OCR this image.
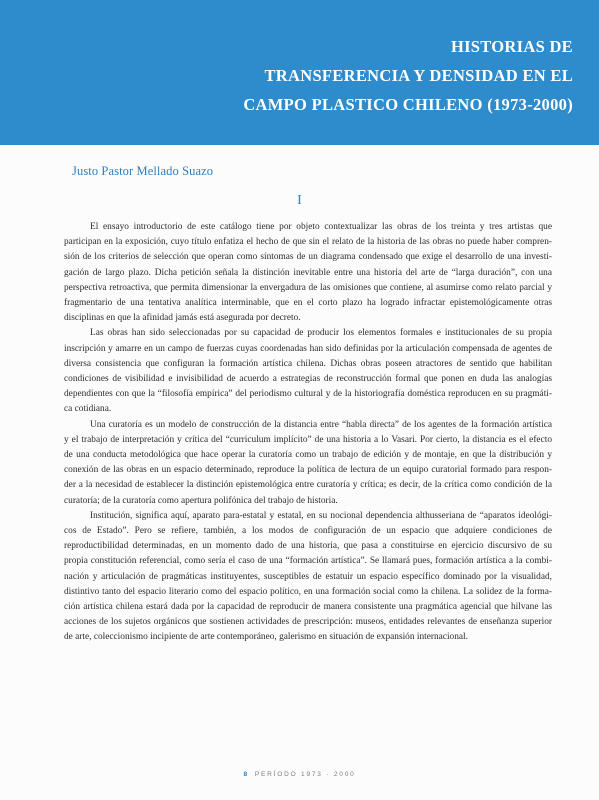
HISTORIAS DE
TRANSFERENCIA Y DENSIDAD EN EL
CAMPO PLASTICO CHILENO (1973-2000)
Justo Pastor Mellado Suazo
I

El ensayo introductorio de este catálogo tiene por objeto contextualizar las obras de los treinta y tres artistas que
participan en la exposición, cuyo título enfatiza el hecho de que sin el relato de la historia de las obras no puede haber compren-
sión de los criterios de selección que operan como síntomas de un diagrama condensado que exige el desarrollo de una investi-
gación de largo plazo. Dicha petición señala la distinción inevitable entre una historia del arte de “larga duración”, con una
perspectiva retroactiva, que permita dimensionar la envergadura de las omisiones que contiene, al asumirse como relato parcial y
fragmentario de una tentativa analítica interminable, que en el corto plazo ha logrado infractar epistemológicamente otras
disciplinas en que la afinidad jamás está asegurada por decreto.

Las obras han sido seleccionadas por su capacidad de producir los elementos formales e institucionales de su propia
inscripción y amarre en un campo de fuerzas cuyas coordenadas han sido definidas por la articulación compensada de agentes de
diversa consistencia que configuran la formación artística chilena. Dichas obras poseen atractores de sentido que habilitan
condiciones de visibilidad e invisibilidad de acuerdo a estrategias de reconstrucción formal que ponen en duda las analogías
dependientes con que la “filosofía empírica” del periodismo cultural y de la historiografía doméstica reproducen en su pragmáti-
ca cotidiana.

Una curatoría es un modelo de construcción de la distancia entre “habla directa” de los agentes de la formación artística
y el trabajo de interpretación y crítica del “curriculum implícito” de una historia a lo Vasari. Por cierto, la distancia es el efecto
de una conducta metodológica que hace operar la curatoría como un trabajo de edición y de montaje, en que la distribución y
conexión de las obras en un espacio determinado, reproduce la política de lectura de un equipo curatorial formado para respon-
der a la necesidad de establecer la distinción epistemológica entre curatoría y crítica; es decir, de la crítica como condición de la
curatoría; de la curatoría como apertura polifónica del trabajo de historia.

Institución, significa aquí, aparato para-estatal y estatal, en su nocional dependencia althusseriana de “aparatos ideológi-
cos de Estado”. Pero se refiere, también, a los modos de configuración de un espacio que adquiere condiciones de
reproductibilidad determinadas, en un momento dado de una historia, que pasa a constituirse en ejercicio discursivo de su
propia constitución referencial, como sería el caso de una “formación artística”. Se llamará pues, formación artística a la combi-
nación y articulación de pragmáticas instituyentes, susceptibles de estatuir un espacio específico dominado por la visualidad,
distintivo tanto del espacio literario como del espacio político, en una formación social como la chilena. La solidez de la forma-
ción artística chilena estará dada por la capacidad de reproducir de manera consistente una pragmática agencial que hilvane las
acciones de los sujetos orgánicos que sostienen actividades de prescripción: museos, entidades relevantes de enseñanza superior
de arte, coleccionismo incipiente de arte contemporáneo, galerismo en situación de expansión internacional.

8 PERÍODO 1973 · 2000
